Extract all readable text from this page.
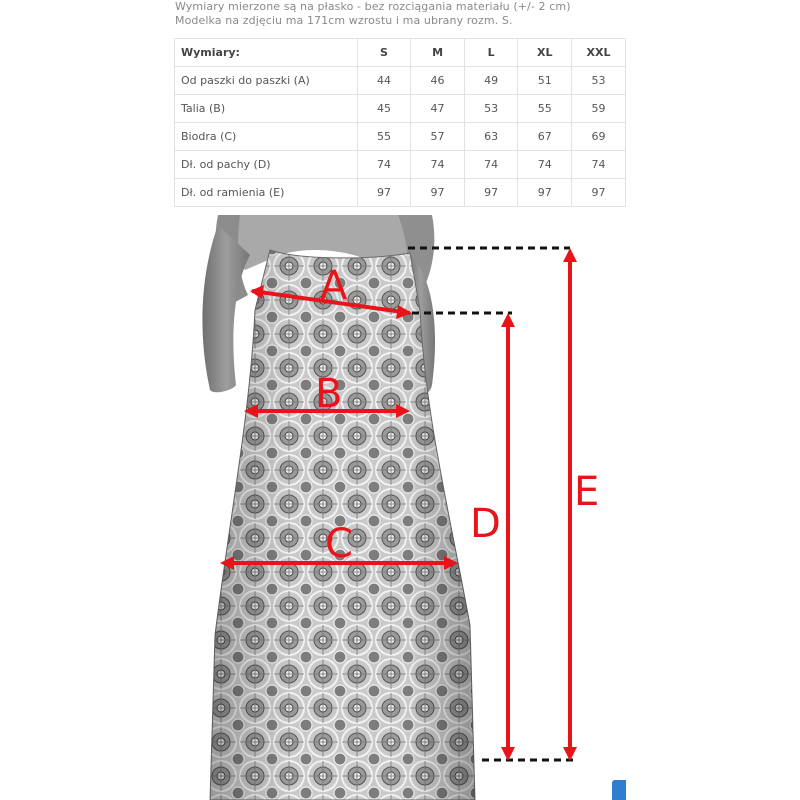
Wymiary mierzone są na płasko - bez rozciągania materiału (+/- 2 cm)
Modelka na zdjęciu ma 171cm wzrostu i ma ubrany rozm. S.
Wymiary:	S	M	L	XL	XXL
Od paszki do paszki (A)	44	46	49	51	53
Talia (B)	45	47	53	55	59
Biodra (C)	55	57	63	67	69
Dł. od pachy (D)	74	74	74	74	74
Dł. od ramienia (E)	97	97	97	97	97
A
B
C	D
E
